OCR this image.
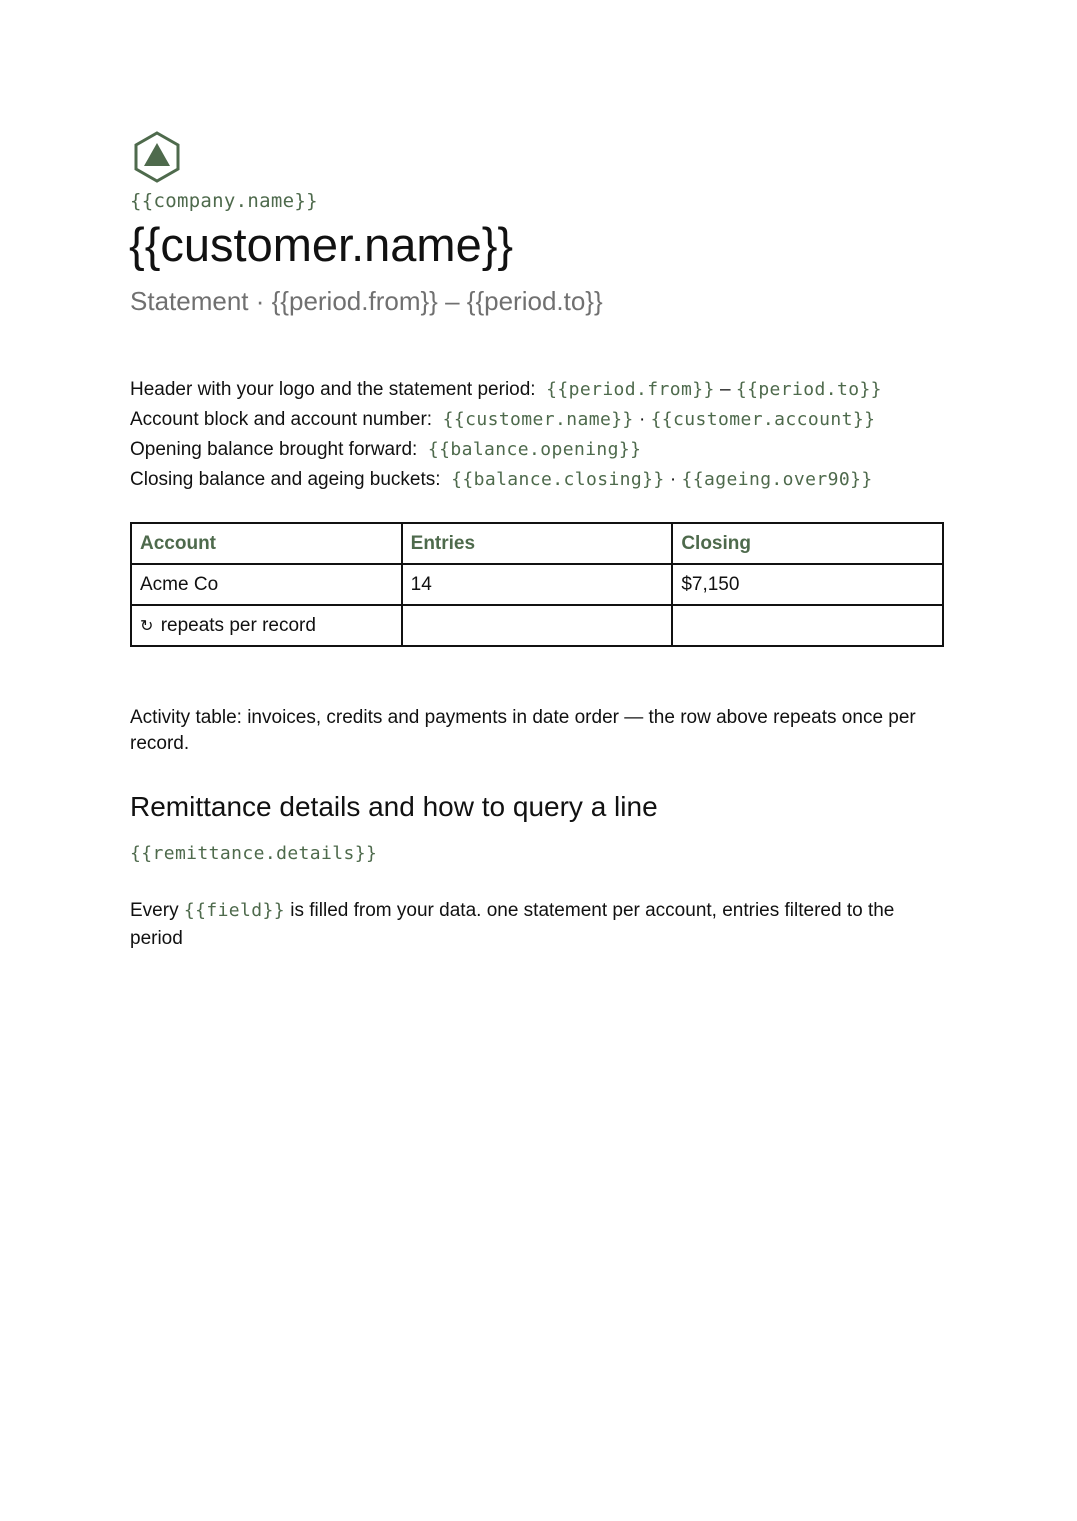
{{company.name}}
{{customer.name}}
Statement · {{period.from}} – {{period.to}}
Header with your logo and the statement period: {{period.from}} – {{period.to}}
Account block and account number: {{customer.name}} · {{customer.account}}
Opening balance brought forward: {{balance.opening}}
Closing balance and ageing buckets: {{balance.closing}} · {{ageing.over90}}
Account	Entries	Closing
Acme Co	14	$7,150
↻ repeats per record		
Activity table: invoices, credits and payments in date order — the row above repeats once per record.
Remittance details and how to query a line
{{remittance.details}}
Every {{field}} is filled from your data. one statement per account, entries filtered to the period
